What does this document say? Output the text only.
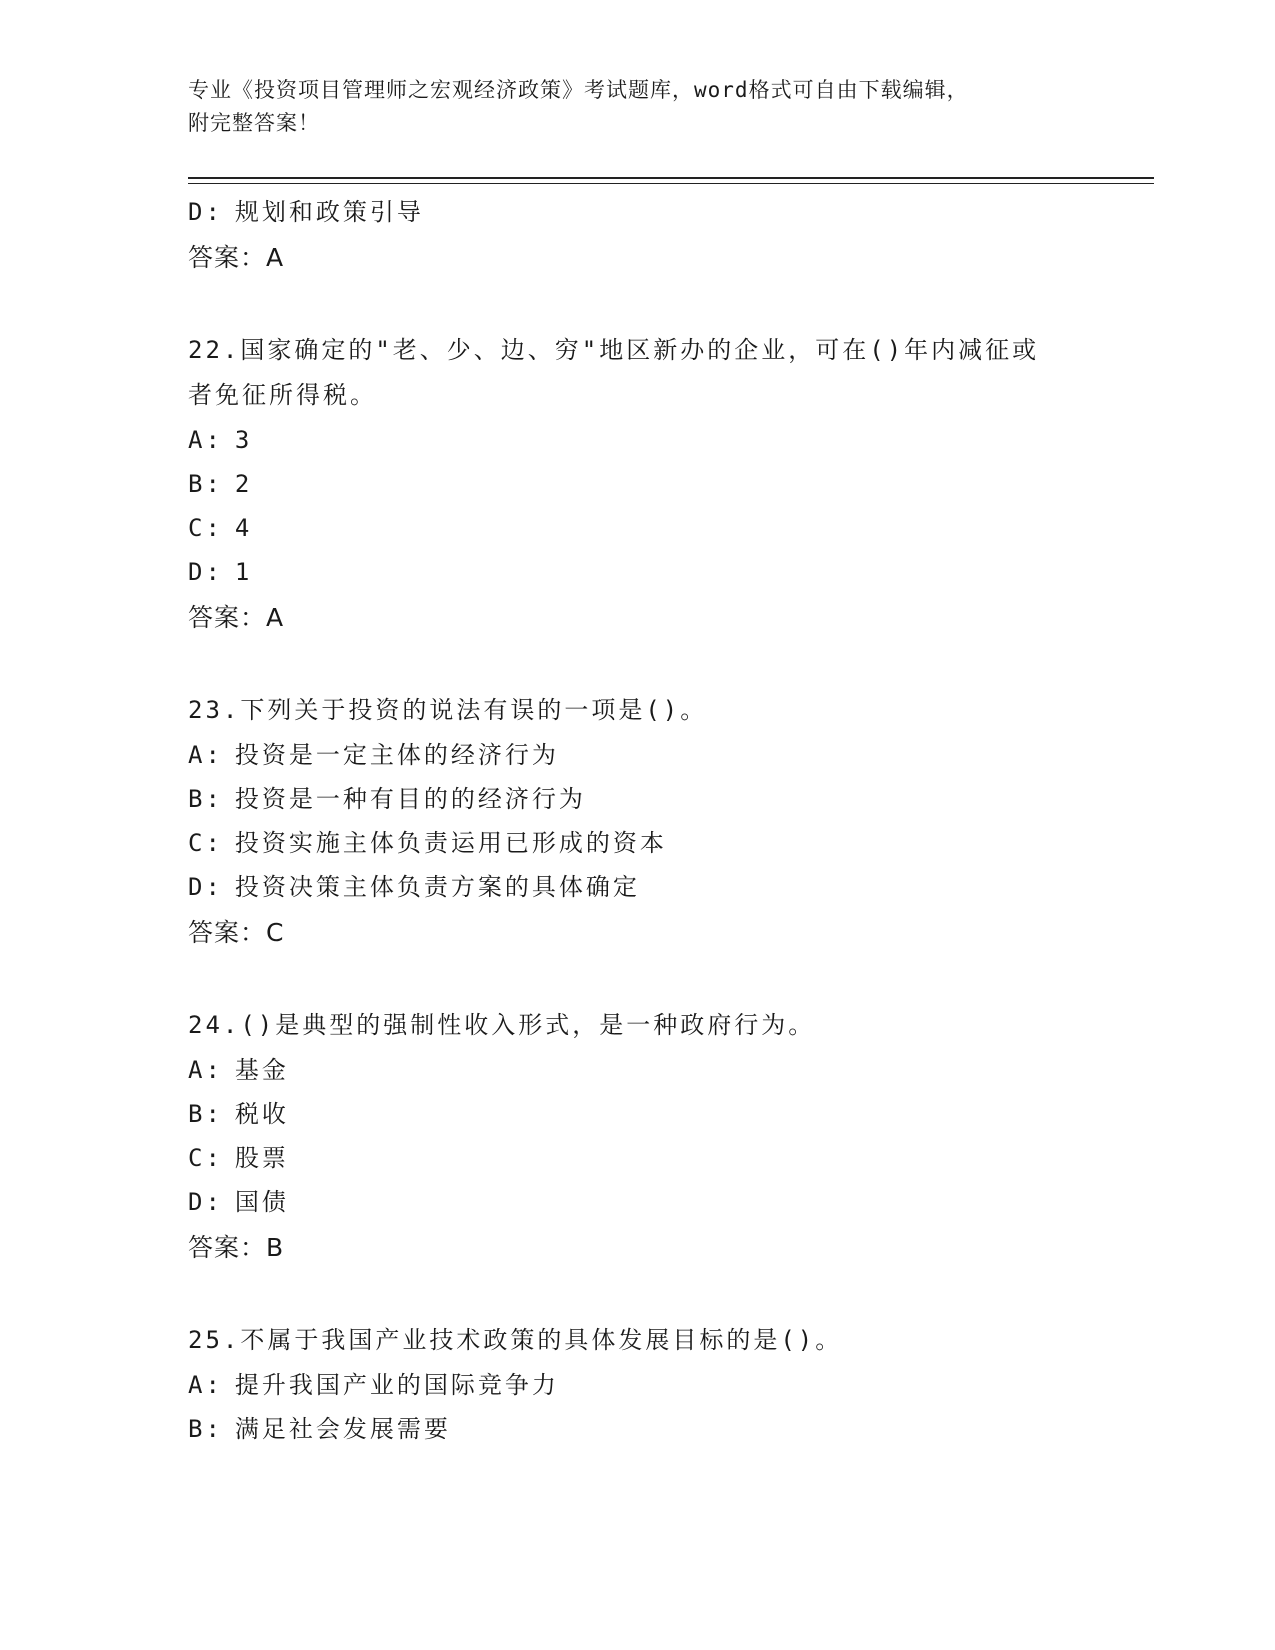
专业《投资项目管理师之宏观经济政策》考试题库，word格式可自由下载编辑，
附完整答案！
D: 规划和政策引导
答案：A
22.国家确定的"老、少、边、穷"地区新办的企业，可在()年内减征或
者免征所得税。
A: 3
B: 2
C: 4
D: 1
答案：A
23.下列关于投资的说法有误的一项是()。
A: 投资是一定主体的经济行为
B: 投资是一种有目的的经济行为
C: 投资实施主体负责运用已形成的资本
D: 投资决策主体负责方案的具体确定
答案：C
24.()是典型的强制性收入形式，是一种政府行为。
A: 基金
B: 税收
C: 股票
D: 国债
答案：B
25.不属于我国产业技术政策的具体发展目标的是()。
A: 提升我国产业的国际竞争力
B: 满足社会发展需要
